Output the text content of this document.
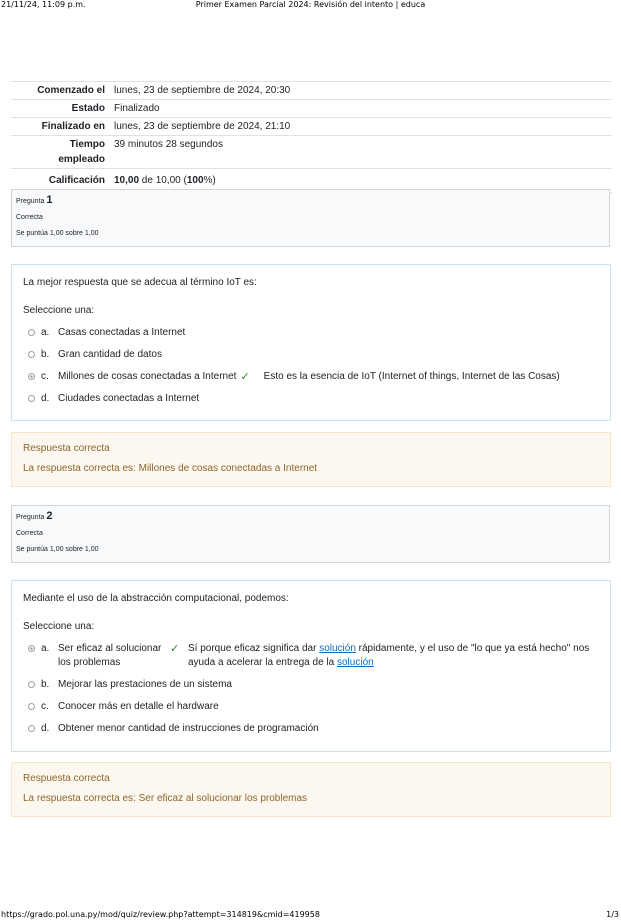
21/11/24, 11:09 p.m.	Primer Examen Parcial 2024: Revisión del intento | educa
Comenzado el lunes, 23 de septiembre de 2024, 20:30
Estado Finalizado
Finalizado en lunes, 23 de septiembre de 2024, 21:10
Tiempo
empleado
39 minutos 28 segundos
Calificación 10,00 de 10,00 (100%)
Pregunta 1
Correcta
Se puntúa 1,00 sobre 1,00
La mejor respuesta que se adecua al término IoT es:
Seleccione una:
a. Casas conectadas a Internet
b. Gran cantidad de datos
c. Millones de cosas conectadas a Internet ✓ Esto es la esencia de IoT (Internet of things, Internet de las Cosas)
d. Ciudades conectadas a Internet
Respuesta correcta
La respuesta correcta es: Millones de cosas conectadas a Internet
Pregunta 2
Correcta
Se puntúa 1,00 sobre 1,00
Mediante el uso de la abstracción computacional, podemos:
Seleccione una:
a. Ser eficaz al solucionar
los problemas
✓ Sí porque eficaz significa dar solución rápidamente, y el uso de "lo que ya está hecho" nos
ayuda a acelerar la entrega de la solución
b. Mejorar las prestaciones de un sistema
c. Conocer más en detalle el hardware
d. Obtener menor cantidad de instrucciones de programación
Respuesta correcta
La respuesta correcta es: Ser eficaz al solucionar los problemas
https://grado.pol.una.py/mod/quiz/review.php?attempt=314819&cmid=419958	1/3
